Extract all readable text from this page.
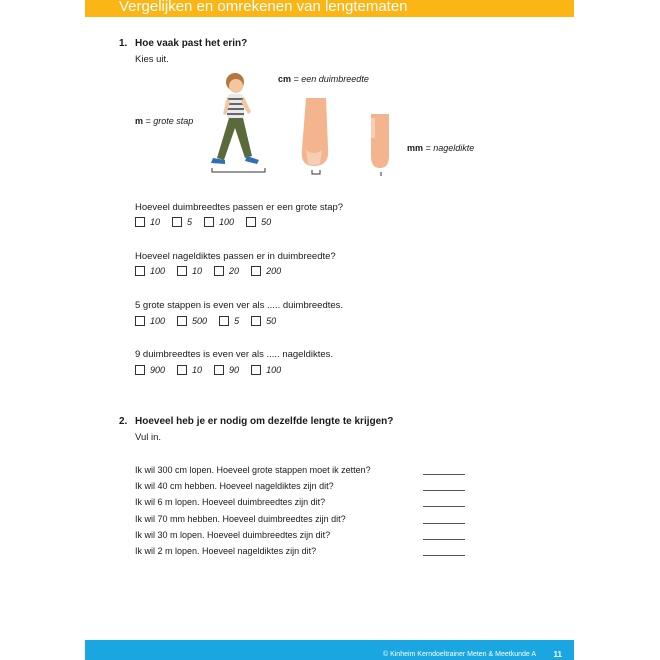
Vergelijken en omrekenen van lengtematen
1. Hoe vaak past het erin?
Kies uit.
m = grote stap
cm = een duimbreedte
mm = nageldikte
Hoeveel duimbreedtes passen er een grote stap?
10	5	100	50
Hoeveel nageldiktes passen er in duimbreedte?
100	10	20	200
5 grote stappen is even ver als ..... duimbreedtes.
100	500	5	50
9 duimbreedtes is even ver als ..... nageldiktes.
900	10	90	100
2. Hoeveel heb je er nodig om dezelfde lengte te krijgen?
Vul in.
Ik wil 300 cm lopen. Hoeveel grote stappen moet ik zetten?
Ik wil 40 cm hebben. Hoeveel nageldiktes zijn dit?
Ik wil 6 m lopen. Hoeveel duimbreedtes zijn dit?
Ik wil 70 mm hebben. Hoeveel duimbreedtes zijn dit?
Ik wil 30 m lopen. Hoeveel duimbreedtes zijn dit?
Ik wil 2 m lopen. Hoeveel nageldiktes zijn dit?
© Kinheim Kerndoeltrainer Meten & Meetkunde A 11
